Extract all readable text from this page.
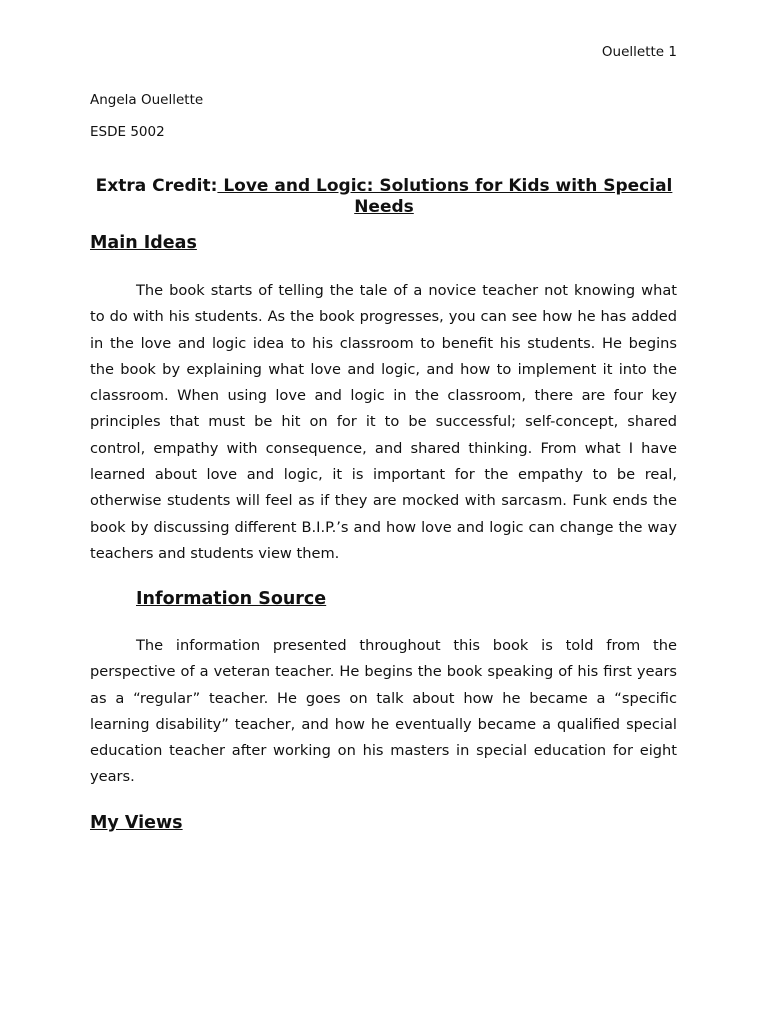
Ouellette 1
Angela Ouellette
ESDE 5002
Extra Credit: Love and Logic: Solutions for Kids with Special Needs
Main Ideas

The book starts of telling the tale of a novice teacher not knowing what to do with his students. As the book progresses, you can see how he has added in the love and logic idea to his classroom to benefit his students. He begins the book by explaining what love and logic, and how to implement it into the classroom. When using love and logic in the classroom, there are four key principles that must be hit on for it to be successful; self-concept, shared control, empathy with consequence, and shared thinking. From what I have learned about love and logic, it is important for the empathy to be real, otherwise students will feel as if they are mocked with sarcasm. Funk ends the book by discussing different B.I.P.’s and how love and logic can change the way teachers and students view them.

Information Source

The information presented throughout this book is told from the perspective of a veteran teacher. He begins the book speaking of his first years as a “regular” teacher. He goes on talk about how he became a “specific learning disability” teacher, and how he eventually became a qualified special education teacher after working on his masters in special education for eight years.

My Views
